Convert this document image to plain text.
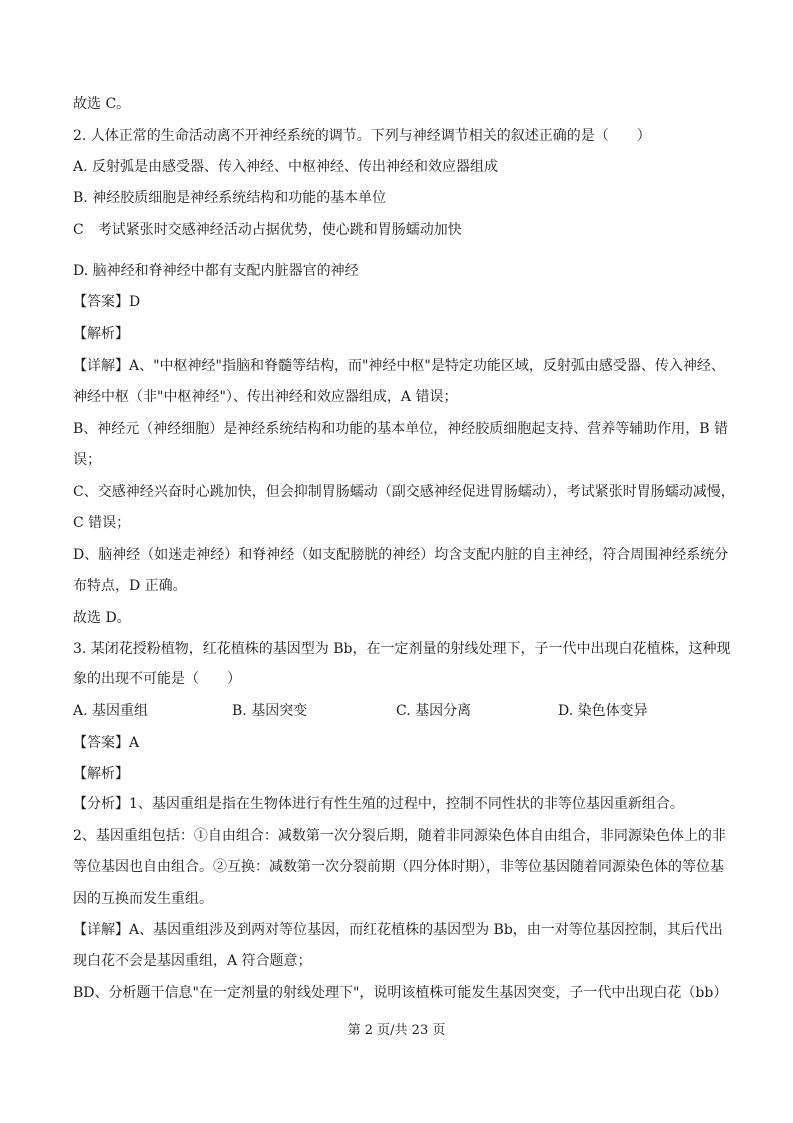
故选 C。
2. 人体正常的生命活动离不开神经系统的调节。下列与神经调节相关的叙述正确的是（　　）
A. 反射弧是由感受器、传入神经、中枢神经、传出神经和效应器组成
B. 神经胶质细胞是神经系统结构和功能的基本单位
C　考试紧张时交感神经活动占据优势，使心跳和胃肠蠕动加快
D. 脑神经和脊神经中都有支配内脏器官的神经
【答案】D
【解析】
【详解】A、"中枢神经"指脑和脊髓等结构，而"神经中枢"是特定功能区域，反射弧由感受器、传入神经、
神经中枢（非"中枢神经"）、传出神经和效应器组成，A 错误；
B、神经元（神经细胞）是神经系统结构和功能的基本单位，神经胶质细胞起支持、营养等辅助作用，B 错
误；
C、交感神经兴奋时心跳加快，但会抑制胃肠蠕动（副交感神经促进胃肠蠕动），考试紧张时胃肠蠕动减慢，
C 错误；
D、脑神经（如迷走神经）和脊神经（如支配膀胱的神经）均含支配内脏的自主神经，符合周围神经系统分
布特点，D 正确。
故选 D。
3. 某闭花授粉植物，红花植株的基因型为 Bb，在一定剂量的射线处理下，子一代中出现白花植株，这种现
象的出现不可能是（　　）
A. 基因重组	B. 基因突变	C. 基因分离	D. 染色体变异
【答案】A
【解析】
【分析】1、基因重组是指在生物体进行有性生殖的过程中，控制不同性状的非等位基因重新组合。
2、基因重组包括：①自由组合：减数第一次分裂后期，随着非同源染色体自由组合，非同源染色体上的非
等位基因也自由组合。②互换：减数第一次分裂前期（四分体时期），非等位基因随着同源染色体的等位基
因的互换而发生重组。
【详解】A、基因重组涉及到两对等位基因，而红花植株的基因型为 Bb，由一对等位基因控制，其后代出
现白花不会是基因重组，A 符合题意；
BD、分析题干信息"在一定剂量的射线处理下"，说明该植株可能发生基因突变，子一代中出现白花（bb）
第 2 页/共 23 页
